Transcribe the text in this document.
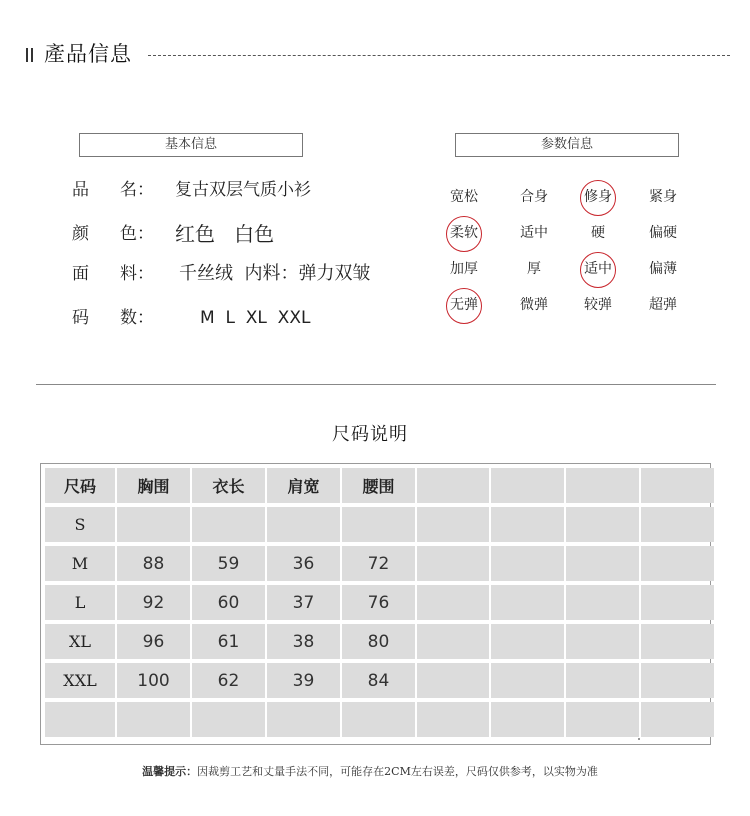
產品信息
基本信息
品 名： 复古双层气质小衫
颜 色： 红色   白色
面 料： 千丝绒  内料：弹力双皱
码 数：	M  L  XL  XXL
参数信息
宽松	合身	修身	紧身
柔软	适中	硬	偏硬
加厚	厚	适中	偏薄
无弹	微弹	较弹	超弹
尺码说明
尺码	胸围	衣长	肩宽	腰围
S
M	88	59	36	72
L	92	60	37	76
XL	96	61	38	80
XXL	100	62	39	84
温馨提示：因裁剪工艺和丈量手法不同，可能存在2CM左右误差，尺码仅供参考，以实物为准
